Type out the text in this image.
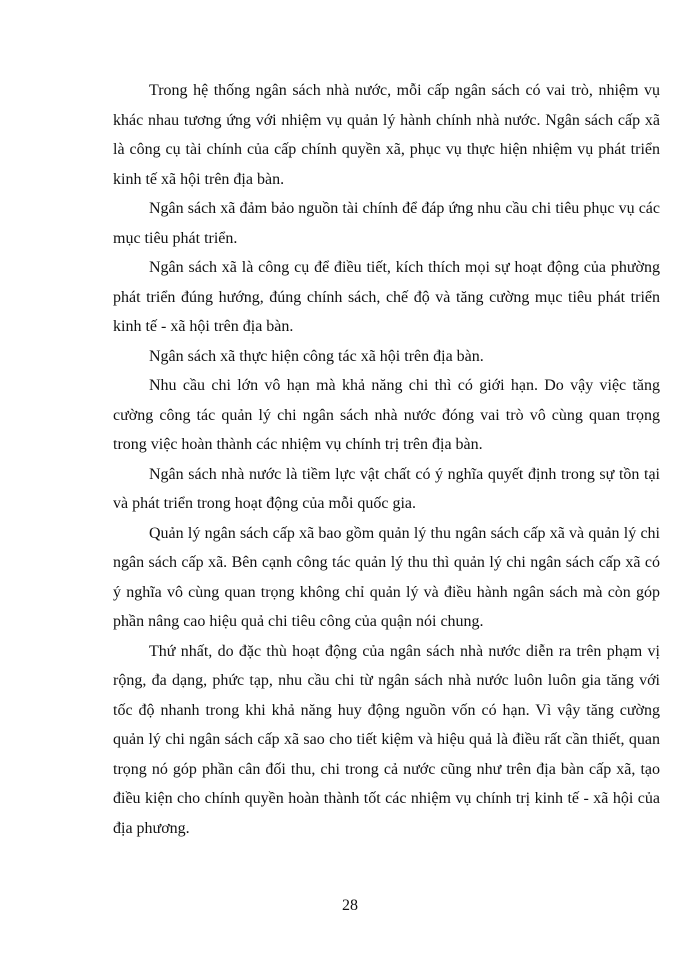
Trong hệ thống ngân sách nhà nước, mỗi cấp ngân sách có vai trò, nhiệm vụ khác nhau tương ứng với nhiệm vụ quản lý hành chính nhà nước. Ngân sách cấp xã là công cụ tài chính của cấp chính quyền xã, phục vụ thực hiện nhiệm vụ phát triển kinh tế xã hội trên địa bàn.

Ngân sách xã đảm bảo nguồn tài chính để đáp ứng nhu cầu chi tiêu phục vụ các mục tiêu phát triển.

Ngân sách xã là công cụ để điều tiết, kích thích mọi sự hoạt động của phường phát triển đúng hướng, đúng chính sách, chế độ và tăng cường mục tiêu phát triển kinh tế - xã hội trên địa bàn.

Ngân sách xã thực hiện công tác xã hội trên địa bàn.

Nhu cầu chi lớn vô hạn mà khả năng chi thì có giới hạn. Do vậy việc tăng cường công tác quản lý chi ngân sách nhà nước đóng vai trò vô cùng quan trọng trong việc hoàn thành các nhiệm vụ chính trị trên địa bàn.

Ngân sách nhà nước là tiềm lực vật chất có ý nghĩa quyết định trong sự tồn tại và phát triển trong hoạt động của mỗi quốc gia.

Quản lý ngân sách cấp xã bao gồm quản lý thu ngân sách cấp xã và quản lý chi ngân sách cấp xã. Bên cạnh công tác quản lý thu thì quản lý chi ngân sách cấp xã có ý nghĩa vô cùng quan trọng không chỉ quản lý và điều hành ngân sách mà còn góp phần nâng cao hiệu quả chi tiêu công của quận nói chung.

Thứ nhất, do đặc thù hoạt động của ngân sách nhà nước diễn ra trên phạm vị rộng, đa dạng, phức tạp, nhu cầu chi từ ngân sách nhà nước luôn luôn gia tăng với tốc độ nhanh trong khi khả năng huy động nguồn vốn có hạn. Vì vậy tăng cường quản lý chi ngân sách cấp xã sao cho tiết kiệm và hiệu quả là điều rất cần thiết, quan trọng nó góp phần cân đối thu, chi trong cả nước cũng như trên địa bàn cấp xã, tạo điều kiện cho chính quyền hoàn thành tốt các nhiệm vụ chính trị kinh tế - xã hội của địa phương.

28
